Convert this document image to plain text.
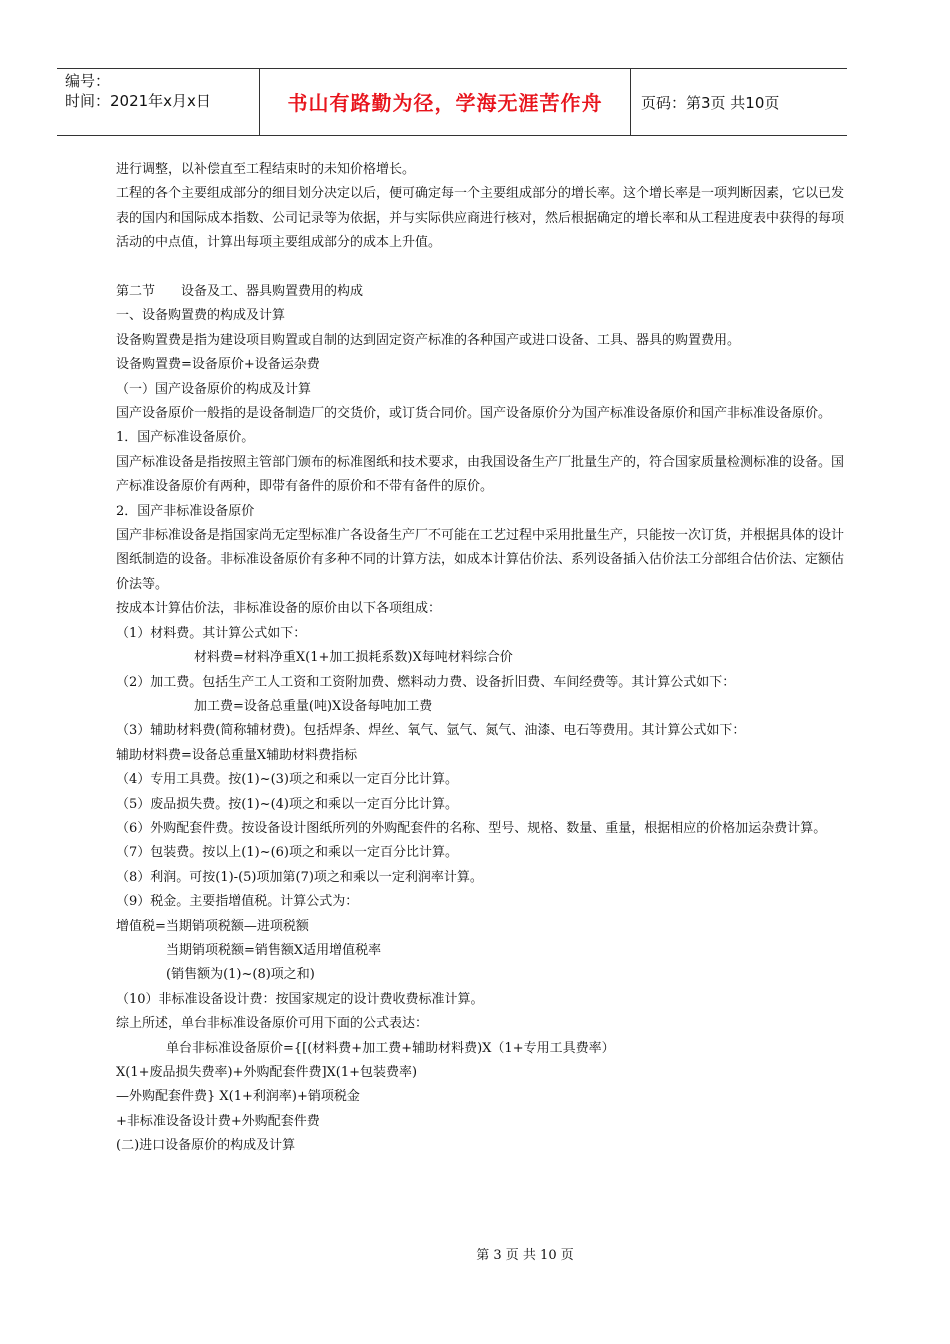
编号：
时间：2021年x月x日	书山有路勤为径，学海无涯苦作舟	页码：第3页 共10页

进行调整，以补偿直至工程结束时的未知价格增长。

工程的各个主要组成部分的细目划分决定以后，便可确定每一个主要组成部分的增长率。这个增长率是一项判断因素，它以已发表的国内和国际成本指数、公司记录等为依据，并与实际供应商进行核对，然后根据确定的增长率和从工程进度表中获得的每项活动的中点值，计算出每项主要组成部分的成本上升值。

第二节　　设备及工、器具购置费用的构成

一、设备购置费的构成及计算

设备购置费是指为建设项目购置或自制的达到固定资产标准的各种国产或进口设备、工具、器具的购置费用。

设备购置费=设备原价+设备运杂费

（一）国产设备原价的构成及计算

国产设备原价一般指的是设备制造厂的交货价，或订货合同价。国产设备原价分为国产标准设备原价和国产非标准设备原价。

1．国产标准设备原价。

国产标准设备是指按照主管部门颁布的标准图纸和技术要求，由我国设备生产厂批量生产的，符合国家质量检测标准的设备。国产标准设备原价有两种，即带有备件的原价和不带有备件的原价。

2．国产非标准设备原价

国产非标准设备是指国家尚无定型标准广各设备生产厂不可能在工艺过程中采用批量生产，只能按一次订货，并根据具体的设计图纸制造的设备。非标准设备原价有多种不同的计算方法，如成本计算估价法、系列设备插入估价法工分部组合估价法、定额估价法等。

按成本计算估价法，非标准设备的原价由以下各项组成：

（1）材料费。其计算公式如下：

材料费=材料净重X(1+加工损耗系数)X每吨材料综合价

（2）加工费。包括生产工人工资和工资附加费、燃料动力费、设备折旧费、车间经费等。其计算公式如下：

加工费=设备总重量(吨)X设备每吨加工费

（3）辅助材料费(简称辅材费)。包括焊条、焊丝、氧气、氩气、氮气、油漆、电石等费用。其计算公式如下：

辅助材料费=设备总重量X辅助材料费指标

（4）专用工具费。按(1)~(3)项之和乘以一定百分比计算。

（5）废品损失费。按(1)~(4)项之和乘以一定百分比计算。

（6）外购配套件费。按设备设计图纸所列的外购配套件的名称、型号、规格、数量、重量，根据相应的价格加运杂费计算。

（7）包装费。按以上(1)~(6)项之和乘以一定百分比计算。

（8）利润。可按(1)-(5)项加第(7)项之和乘以一定利润率计算。

（9）税金。主要指增值税。计算公式为：

增值税=当期销项税额—进项税额

当期销项税额=销售额X适用增值税率

(销售额为(1)~(8)项之和)

（10）非标准设备设计费：按国家规定的设计费收费标准计算。

综上所述，单台非标准设备原价可用下面的公式表达：

单台非标准设备原价={[(材料费+加工费+辅助材料费)X（1+专用工具费率）

X(1+废品损失费率)+外购配套件费]X(1+包装费率)

—外购配套件费} X(1+利润率)+销项税金

+非标准设备设计费+外购配套件费

(二)进口设备原价的构成及计算

第 3 页 共 10 页
